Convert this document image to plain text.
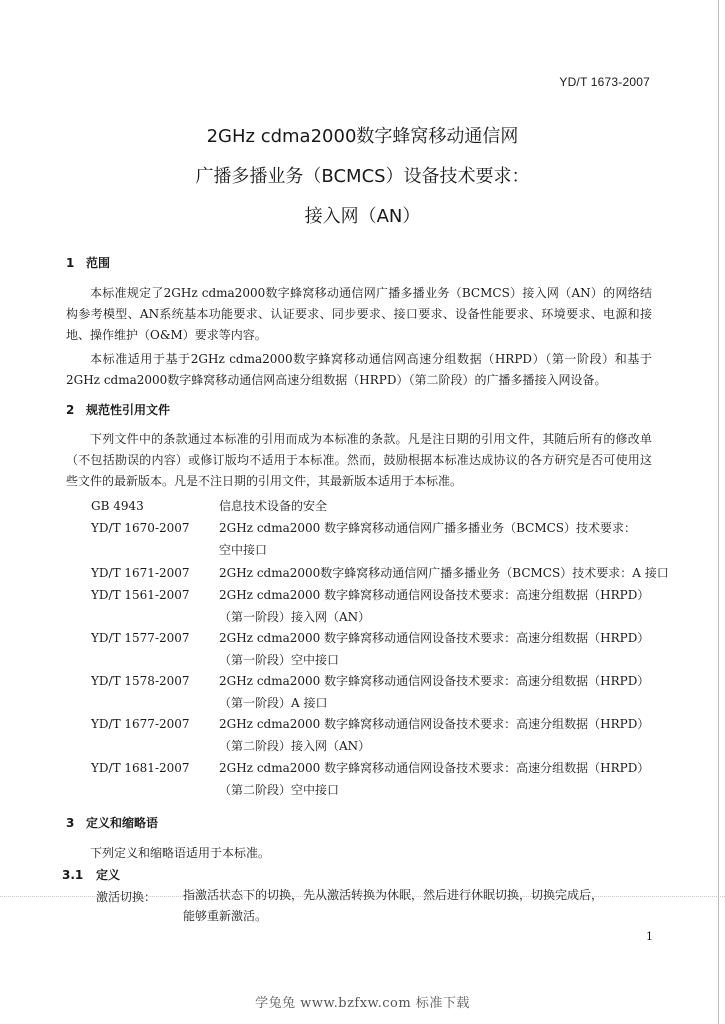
YD/T 1673-2007
2GHz cdma2000数字蜂窝移动通信网
广播多播业务（BCMCS）设备技术要求：
接入网（AN）
1 范围
本标准规定了2GHz cdma2000数字蜂窝移动通信网广播多播业务（BCMCS）接入网（AN）的网络结构参考模型、AN系统基本功能要求、认证要求、同步要求、接口要求、设备性能要求、环境要求、电源和接地、操作维护（O&M）要求等内容。
本标准适用于基于2GHz cdma2000数字蜂窝移动通信网高速分组数据（HRPD）（第一阶段）和基于2GHz cdma2000数字蜂窝移动通信网高速分组数据（HRPD）（第二阶段）的广播多播接入网设备。
2 规范性引用文件
下列文件中的条款通过本标准的引用而成为本标准的条款。凡是注日期的引用文件，其随后所有的修改单（不包括勘误的内容）或修订版均不适用于本标准。然而，鼓励根据本标准达成协议的各方研究是否可使用这些文件的最新版本。凡是不注日期的引用文件，其最新版本适用于本标准。
GB 4943	信息技术设备的安全
YD/T 1670-2007	2GHz cdma2000 数字蜂窝移动通信网广播多播业务（BCMCS）技术要求：
空中接口
YD/T 1671-2007	2GHz cdma2000数字蜂窝移动通信网广播多播业务（BCMCS）技术要求：A 接口
YD/T 1561-2007	2GHz cdma2000 数字蜂窝移动通信网设备技术要求：高速分组数据（HRPD）
（第一阶段）接入网（AN）
YD/T 1577-2007	2GHz cdma2000 数字蜂窝移动通信网设备技术要求：高速分组数据（HRPD）
（第一阶段）空中接口
YD/T 1578-2007	2GHz cdma2000 数字蜂窝移动通信网设备技术要求：高速分组数据（HRPD）
（第一阶段）A 接口
YD/T 1677-2007	2GHz cdma2000 数字蜂窝移动通信网设备技术要求：高速分组数据（HRPD）
（第二阶段）接入网（AN）
YD/T 1681-2007	2GHz cdma2000 数字蜂窝移动通信网设备技术要求：高速分组数据（HRPD）
（第二阶段）空中接口
3 定义和缩略语
下列定义和缩略语适用于本标准。
3.1 定义
激活切换： 指激活状态下的切换，先从激活转换为休眠，然后进行休眠切换，切换完成后，
能够重新激活。
1
学兔兔 www.bzfxw.com 标准下载
